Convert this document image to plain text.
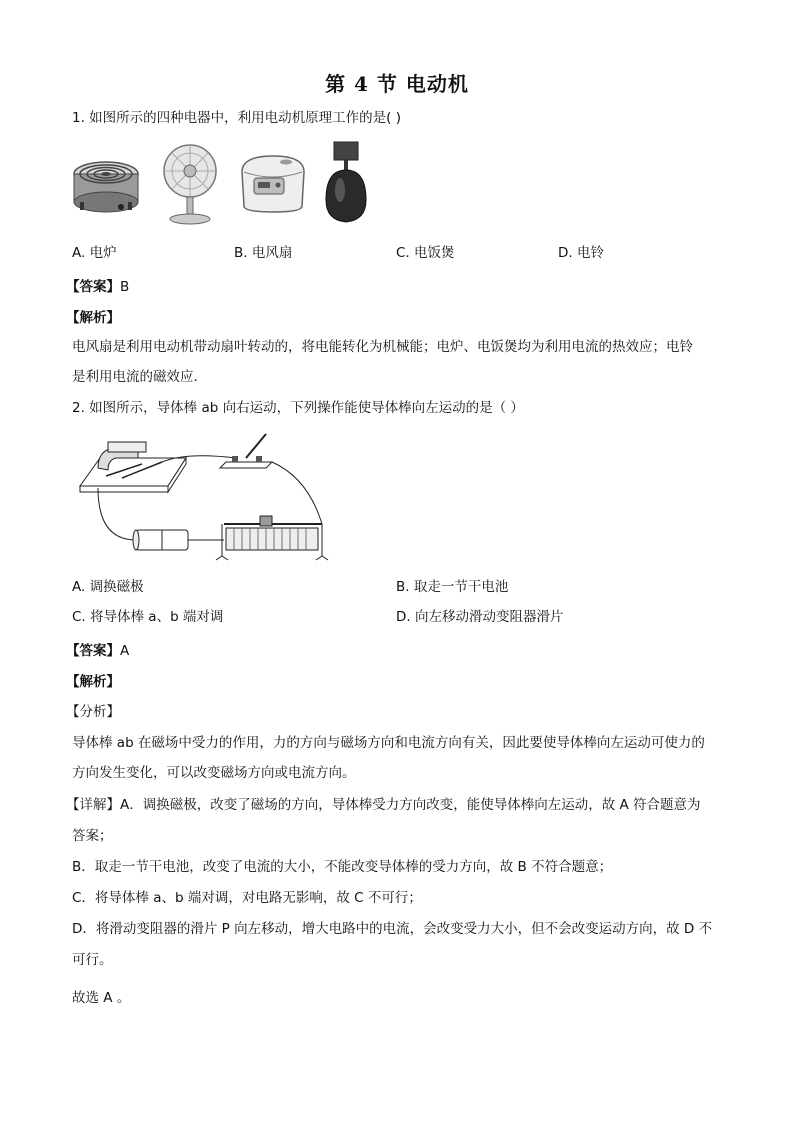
第 4 节 电动机
1. 如图所示的四种电器中，利用电动机原理工作的是( )
A. 电炉	B. 电风扇	C. 电饭煲	D. 电铃
【答案】B
【解析】
电风扇是利用电动机带动扇叶转动的，将电能转化为机械能；电炉、电饭煲均为利用电流的热效应；电铃
是利用电流的磁效应．
2. 如图所示，导体棒 ab 向右运动，下列操作能使导体棒向左运动的是（ ）
A. 调换磁极	B. 取走一节干电池
C. 将导体棒 a、b 端对调	D. 向左移动滑动变阻器滑片
【答案】A
【解析】
【分析】
导体棒 ab 在磁场中受力的作用，力的方向与磁场方向和电流方向有关，因此要使导体棒向左运动可使力的
方向发生变化，可以改变磁场方向或电流方向。
【详解】A．调换磁极，改变了磁场的方向，导体棒受力方向改变，能使导体棒向左运动，故 A 符合题意为
答案；
B．取走一节干电池，改变了电流的大小，不能改变导体棒的受力方向，故 B 不符合题意；
C．将导体棒 a、b 端对调，对电路无影响，故 C 不可行；
D．将滑动变阻器的滑片 P 向左移动，增大电路中的电流，会改变受力大小，但不会改变运动方向，故 D 不
可行。
故选 A 。
